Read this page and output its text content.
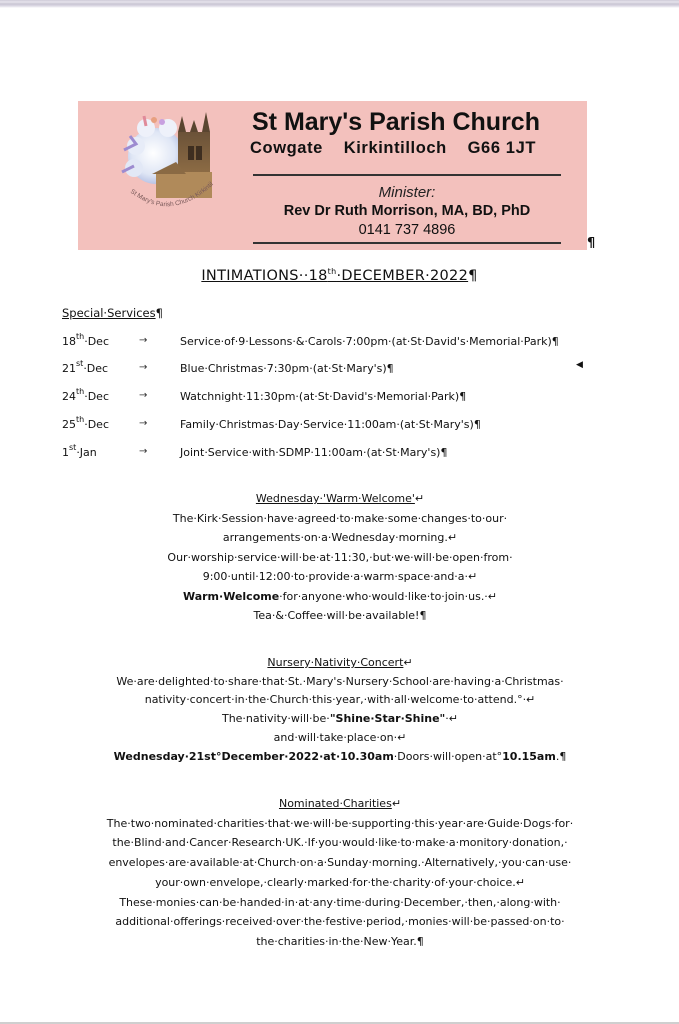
St Mary's Parish Church Kirkintil
St Mary's Parish Church
Cowgate Kirkintilloch G66 1JT
Minister:
Rev Dr Ruth Morrison, MA, BD, PhD
0141 737 4896
¶
INTIMATIONS··18th·DECEMBER·2022¶
Special·Services¶
18th·Dec	→	Service·of·9·Lessons·&·Carols·7:00pm·(at·St·David's·Memorial·Park)¶
21st·Dec	→	Blue·Christmas·7:30pm·(at·St·Mary's)¶
24th·Dec	→	Watchnight·11:30pm·(at·St·David's·Memorial·Park)¶
25th·Dec	→	Family·Christmas·Day·Service·11:00am·(at·St·Mary's)¶
1st·Jan	→	Joint·Service·with·SDMP·11:00am·(at·St·Mary's)¶
◀
Wednesday·'Warm·Welcome'↵
The·Kirk·Session·have·agreed·to·make·some·changes·to·our·
arrangements·on·a·Wednesday·morning.↵
Our·worship·service·will·be·at·11:30,·but·we·will·be·open·from·
9:00·until·12:00·to·provide·a·warm·space·and·a·↵
Warm·Welcome·for·anyone·who·would·like·to·join·us.·↵
Tea·&·Coffee·will·be·available!¶
Nursery·Nativity·Concert↵
We·are·delighted·to·share·that·St.·Mary's·Nursery·School·are·having·a·Christmas·
nativity·concert·in·the·Church·this·year,·with·all·welcome·to·attend.°·↵
The·nativity·will·be·"Shine·Star·Shine"·↵
and·will·take·place·on·↵
Wednesday·21st°December·2022·at·10.30am·Doors·will·open·at°10.15am.¶
Nominated·Charities↵
The·two·nominated·charities·that·we·will·be·supporting·this·year·are·Guide·Dogs·for·
the·Blind·and·Cancer·Research·UK.·If·you·would·like·to·make·a·monitory·donation,·
envelopes·are·available·at·Church·on·a·Sunday·morning.·Alternatively,·you·can·use·
your·own·envelope,·clearly·marked·for·the·charity·of·your·choice.↵
These·monies·can·be·handed·in·at·any·time·during·December,·then,·along·with·
additional·offerings·received·over·the·festive·period,·monies·will·be·passed·on·to·
the·charities·in·the·New·Year.¶
